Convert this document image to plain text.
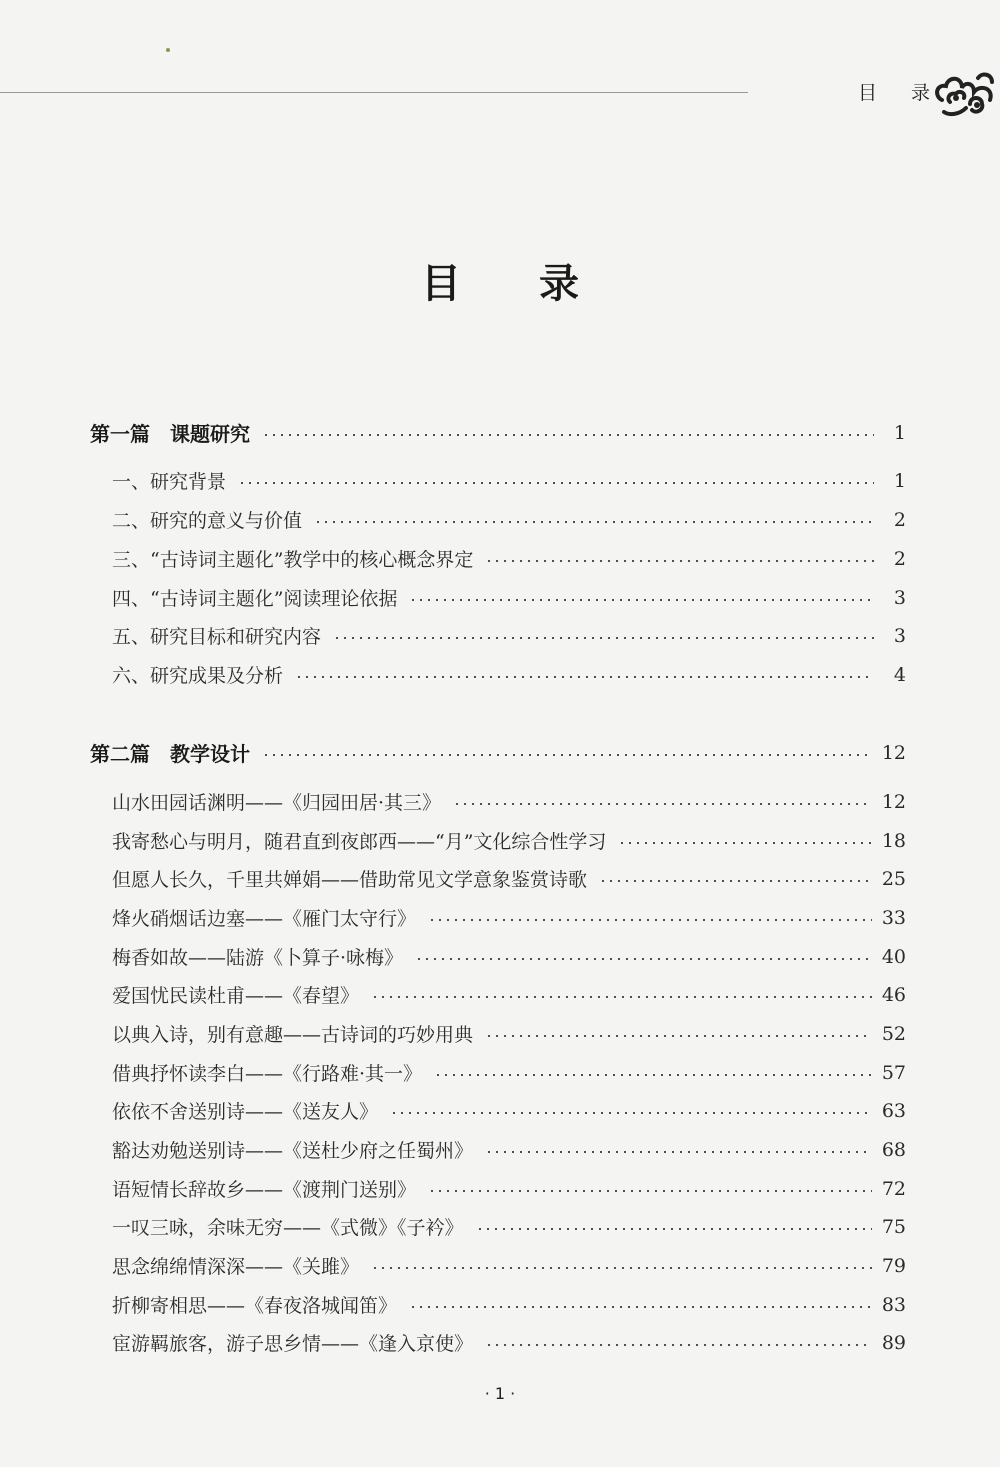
目 录
目录
第一篇　课题研究	1
一、研究背景	1
二、研究的意义与价值	2
三、“古诗词主题化”教学中的核心概念界定	2
四、“古诗词主题化”阅读理论依据	3
五、研究目标和研究内容	3
六、研究成果及分析	4
第二篇　教学设计	12
山水田园话渊明——《归园田居·其三》	12
我寄愁心与明月，随君直到夜郎西——“月”文化综合性学习	18
但愿人长久，千里共婵娟——借助常见文学意象鉴赏诗歌	25
烽火硝烟话边塞——《雁门太守行》	33
梅香如故——陆游《卜算子·咏梅》	40
爱国忧民读杜甫——《春望》	46
以典入诗，别有意趣——古诗词的巧妙用典	52
借典抒怀读李白——《行路难·其一》	57
依依不舍送别诗——《送友人》	63
豁达劝勉送别诗——《送杜少府之任蜀州》	68
语短情长辞故乡——《渡荆门送别》	72
一叹三咏，余味无穷——《式微》《子衿》	75
思念绵绵情深深——《关雎》	79
折柳寄相思——《春夜洛城闻笛》	83
宦游羁旅客，游子思乡情——《逢入京使》	89
· 1 ·
